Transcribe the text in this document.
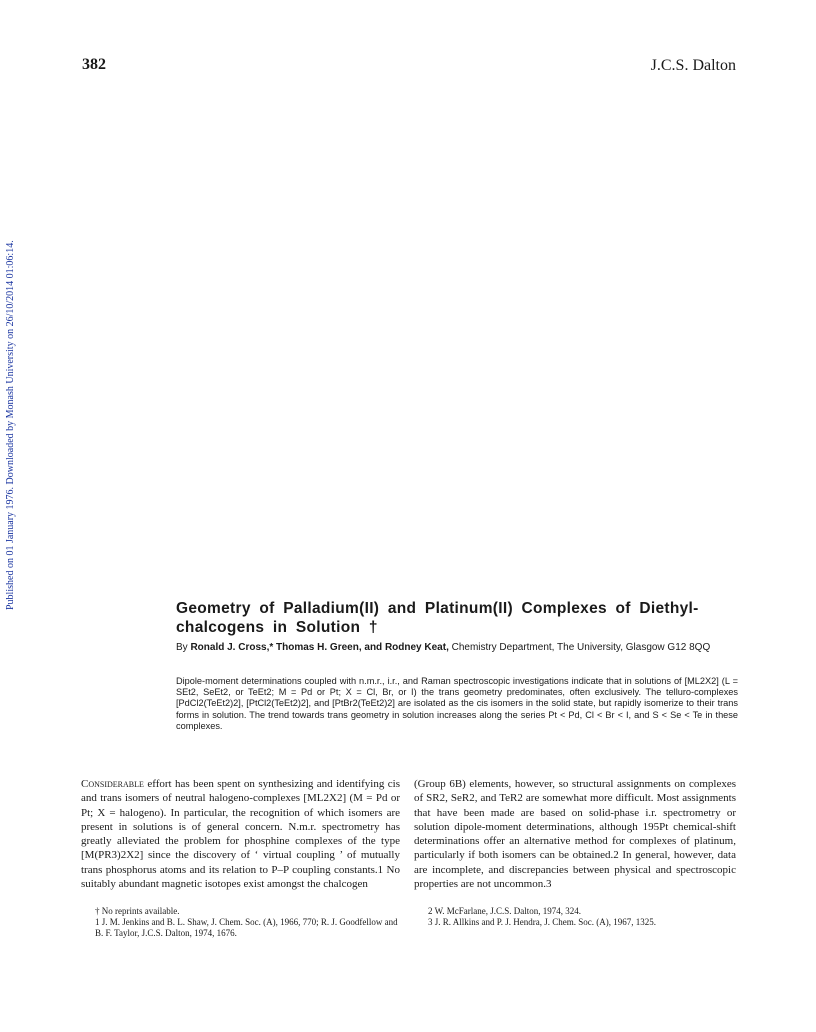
382	J.C.S. Dalton
Published on 01 January 1976. Downloaded by Monash University on 26/10/2014 01:06:14.	Geometry of Palladium(II) and Platinum(II) Complexes of Diethyl-chalcogens in Solution †
By Ronald J. Cross,* Thomas H. Green, and Rodney Keat, Chemistry Department, The University, Glasgow G12 8QQ
Dipole-moment determinations coupled with n.m.r., i.r., and Raman spectroscopic investigations indicate that in solutions of [ML2X2] (L = SEt2, SeEt2, or TeEt2; M = Pd or Pt; X = Cl, Br, or I) the trans geometry predominates, often exclusively. The telluro-complexes [PdCl2(TeEt2)2], [PtCl2(TeEt2)2], and [PtBr2(TeEt2)2] are isolated as the cis isomers in the solid state, but rapidly isomerize to their trans forms in solution. The trend towards trans geometry in solution increases along the series Pt < Pd, Cl < Br < I, and S < Se < Te in these complexes.
Considerable effort has been spent on synthesizing and identifying cis and trans isomers of neutral halogeno-complexes [ML2X2] (M = Pd or Pt; X = halogeno). In particular, the recognition of which isomers are present in solutions is of general concern. N.m.r. spectrometry has greatly alleviated the problem for phosphine complexes of the type [M(PR3)2X2] since the discovery of ‘ virtual coupling ’ of mutually trans phosphorus atoms and its relation to P–P coupling constants.1 No suitably abundant magnetic isotopes exist amongst the chalcogen
(Group 6B) elements, however, so structural assignments on complexes of SR2, SeR2, and TeR2 are somewhat more difficult. Most assignments that have been made are based on solid-phase i.r. spectrometry or solution dipole-moment determinations, although 195Pt chemical-shift determinations offer an alternative method for complexes of platinum, particularly if both isomers can be obtained.2 In general, however, data are incomplete, and discrepancies between physical and spectroscopic properties are not uncommon.3
† No reprints available.
1 J. M. Jenkins and B. L. Shaw, J. Chem. Soc. (A), 1966, 770; R. J. Goodfellow and B. F. Taylor, J.C.S. Dalton, 1974, 1676.
2 W. McFarlane, J.C.S. Dalton, 1974, 324.
3 J. R. Allkins and P. J. Hendra, J. Chem. Soc. (A), 1967, 1325.
